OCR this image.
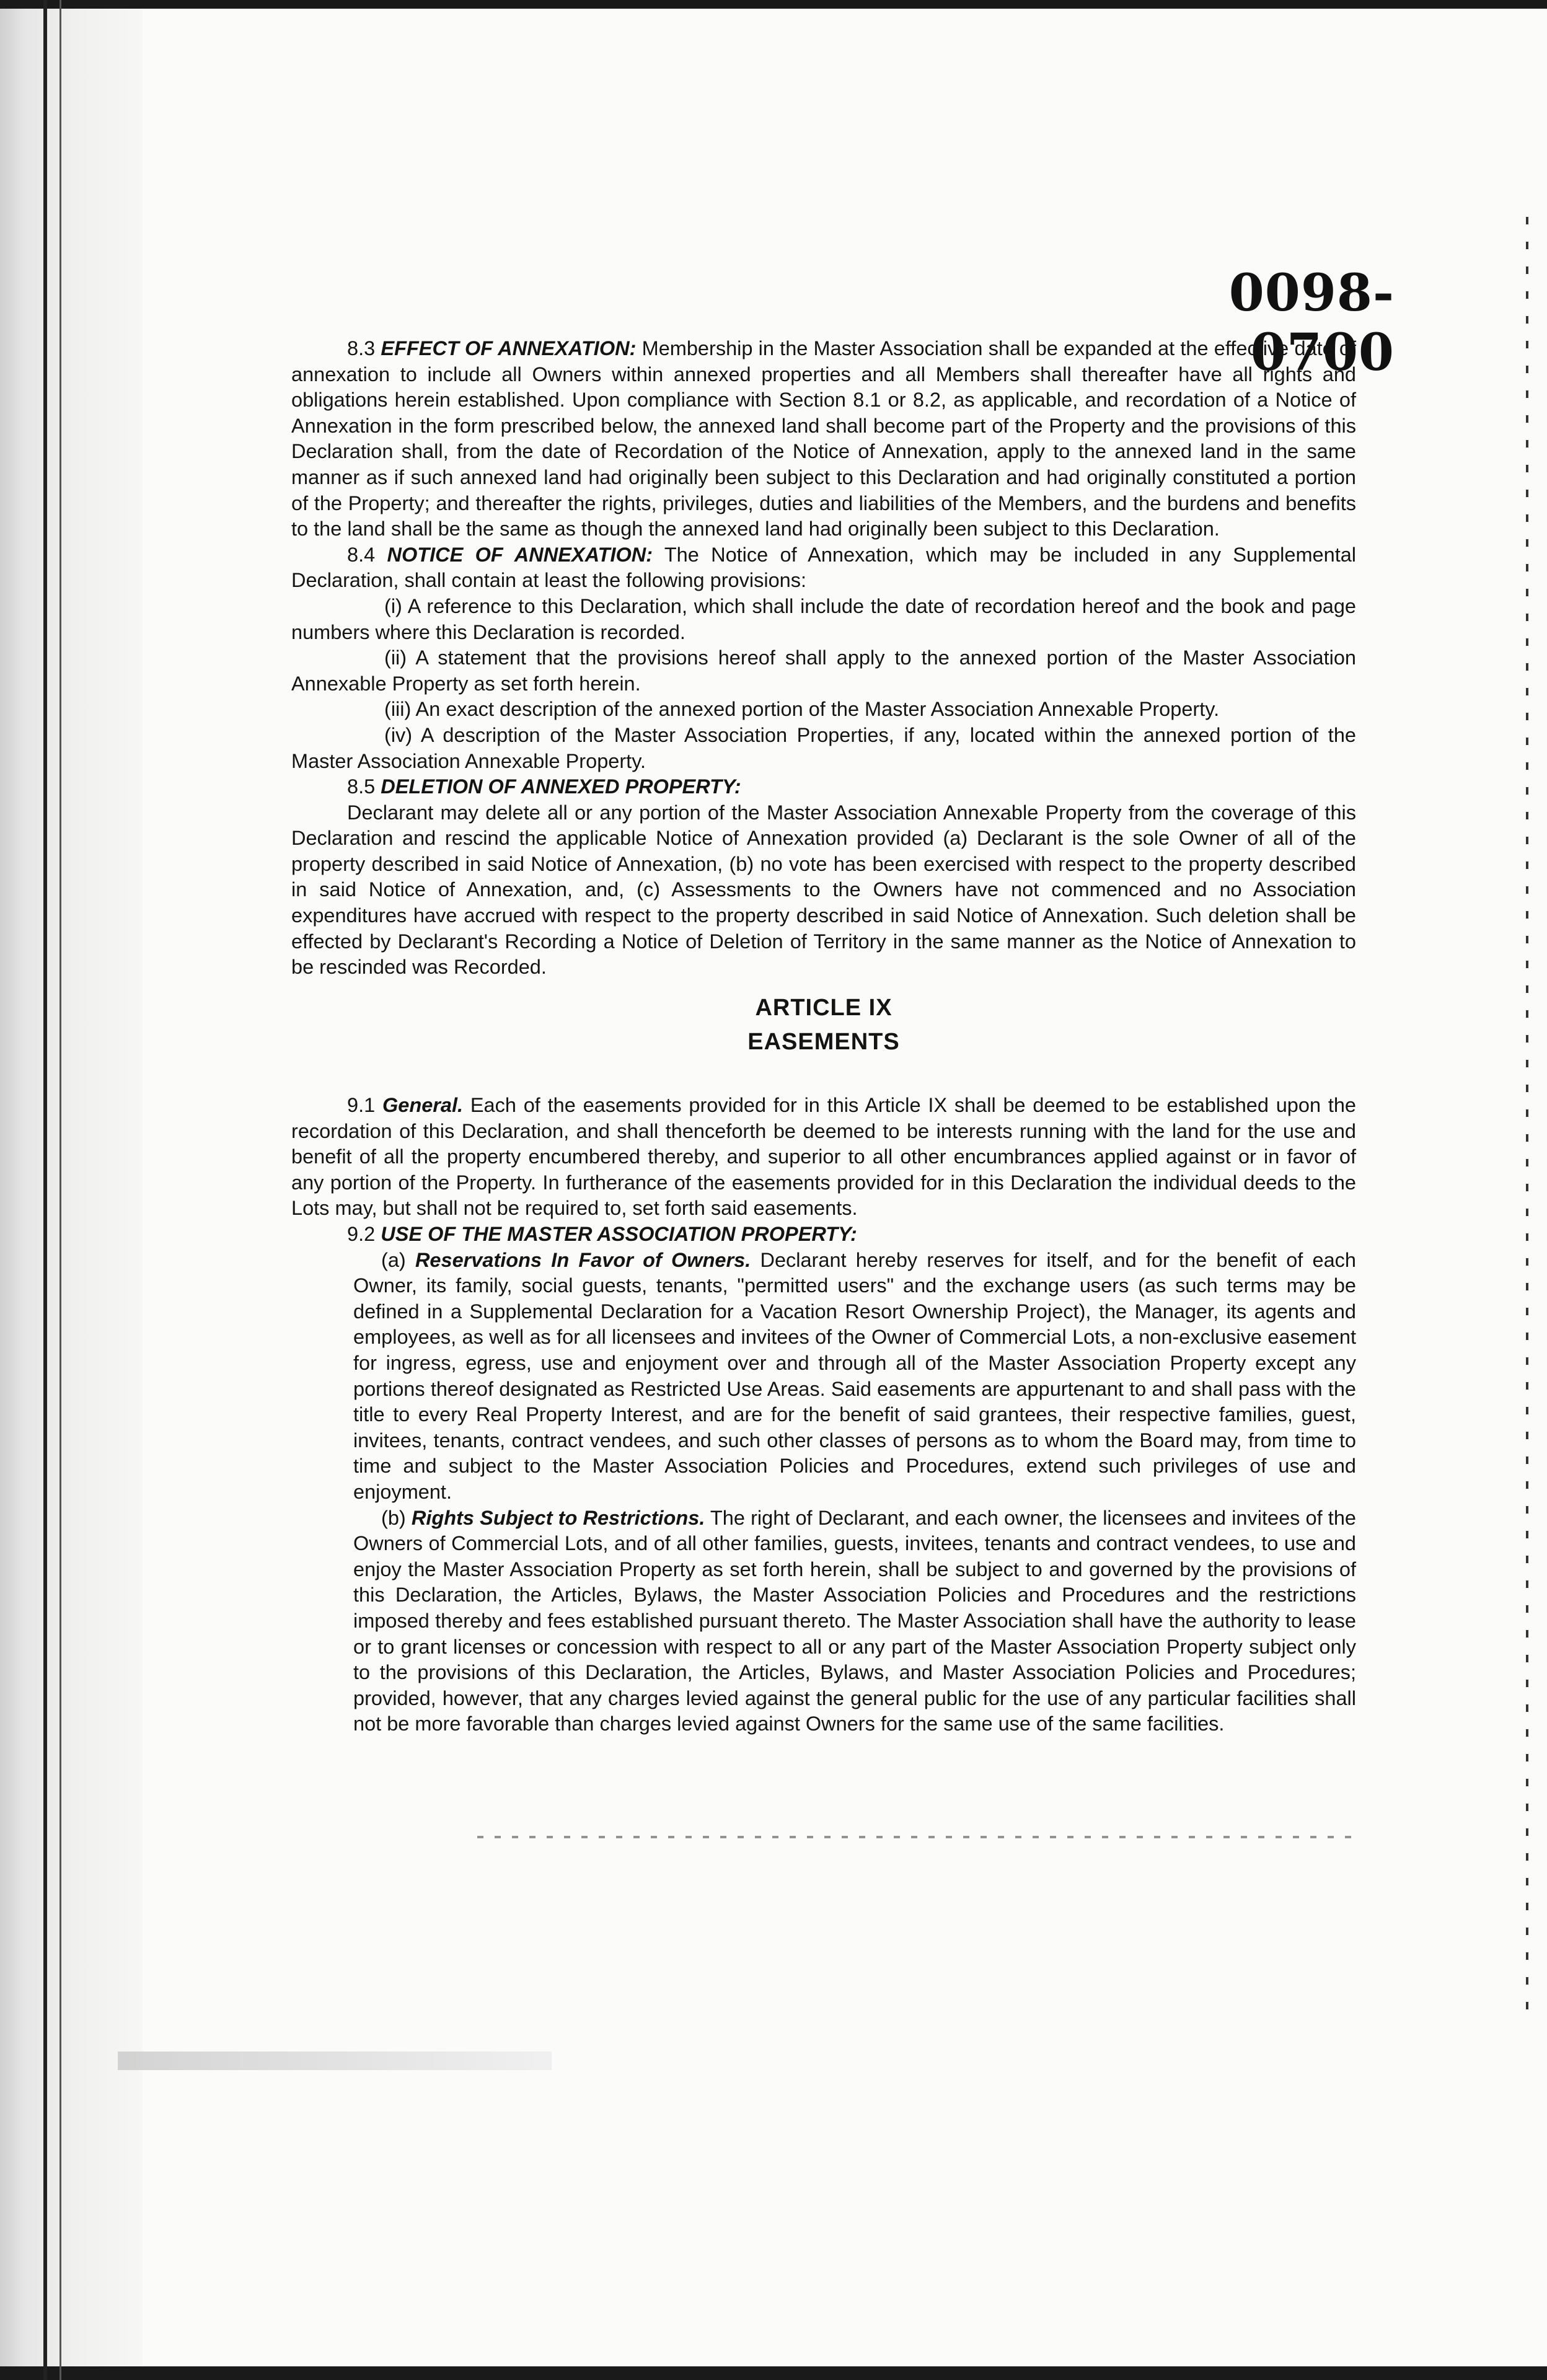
0098-0700

8.3 EFFECT OF ANNEXATION: Membership in the Master Association shall be expanded at the effective date of annexation to include all Owners within annexed properties and all Members shall thereafter have all rights and obligations herein established. Upon compliance with Section 8.1 or 8.2, as applicable, and recordation of a Notice of Annexation in the form prescribed below, the annexed land shall become part of the Property and the provisions of this Declaration shall, from the date of Recordation of the Notice of Annexation, apply to the annexed land in the same manner as if such annexed land had originally been subject to this Declaration and had originally constituted a portion of the Property; and thereafter the rights, privileges, duties and liabilities of the Members, and the burdens and benefits to the land shall be the same as though the annexed land had originally been subject to this Declaration.

8.4 NOTICE OF ANNEXATION: The Notice of Annexation, which may be included in any Supplemental Declaration, shall contain at least the following provisions:

(i) A reference to this Declaration, which shall include the date of recordation hereof and the book and page numbers where this Declaration is recorded.

(ii) A statement that the provisions hereof shall apply to the annexed portion of the Master Association Annexable Property as set forth herein.

(iii) An exact description of the annexed portion of the Master Association Annexable Property.

(iv) A description of the Master Association Properties, if any, located within the annexed portion of the Master Association Annexable Property.

8.5 DELETION OF ANNEXED PROPERTY:

Declarant may delete all or any portion of the Master Association Annexable Property from the coverage of this Declaration and rescind the applicable Notice of Annexation provided (a) Declarant is the sole Owner of all of the property described in said Notice of Annexation, (b) no vote has been exercised with respect to the property described in said Notice of Annexation, and, (c) Assessments to the Owners have not commenced and no Association expenditures have accrued with respect to the property described in said Notice of Annexation. Such deletion shall be effected by Declarant's Recording a Notice of Deletion of Territory in the same manner as the Notice of Annexation to be rescinded was Recorded.

ARTICLE IX
EASEMENTS

9.1 General. Each of the easements provided for in this Article IX shall be deemed to be established upon the recordation of this Declaration, and shall thenceforth be deemed to be interests running with the land for the use and benefit of all the property encumbered thereby, and superior to all other encumbrances applied against or in favor of any portion of the Property. In furtherance of the easements provided for in this Declaration the individual deeds to the Lots may, but shall not be required to, set forth said easements.

9.2 USE OF THE MASTER ASSOCIATION PROPERTY:

(a) Reservations In Favor of Owners. Declarant hereby reserves for itself, and for the benefit of each Owner, its family, social guests, tenants, "permitted users" and the exchange users (as such terms may be defined in a Supplemental Declaration for a Vacation Resort Ownership Project), the Manager, its agents and employees, as well as for all licensees and invitees of the Owner of Commercial Lots, a non-exclusive easement for ingress, egress, use and enjoyment over and through all of the Master Association Property except any portions thereof designated as Restricted Use Areas. Said easements are appurtenant to and shall pass with the title to every Real Property Interest, and are for the benefit of said grantees, their respective families, guest, invitees, tenants, contract vendees, and such other classes of persons as to whom the Board may, from time to time and subject to the Master Association Policies and Procedures, extend such privileges of use and enjoyment.

(b) Rights Subject to Restrictions. The right of Declarant, and each owner, the licensees and invitees of the Owners of Commercial Lots, and of all other families, guests, invitees, tenants and contract vendees, to use and enjoy the Master Association Property as set forth herein, shall be subject to and governed by the provisions of this Declaration, the Articles, Bylaws, the Master Association Policies and Procedures and the restrictions imposed thereby and fees established pursuant thereto. The Master Association shall have the authority to lease or to grant licenses or concession with respect to all or any part of the Master Association Property subject only to the provisions of this Declaration, the Articles, Bylaws, and Master Association Policies and Procedures; provided, however, that any charges levied against the general public for the use of any particular facilities shall not be more favorable than charges levied against Owners for the same use of the same facilities.
